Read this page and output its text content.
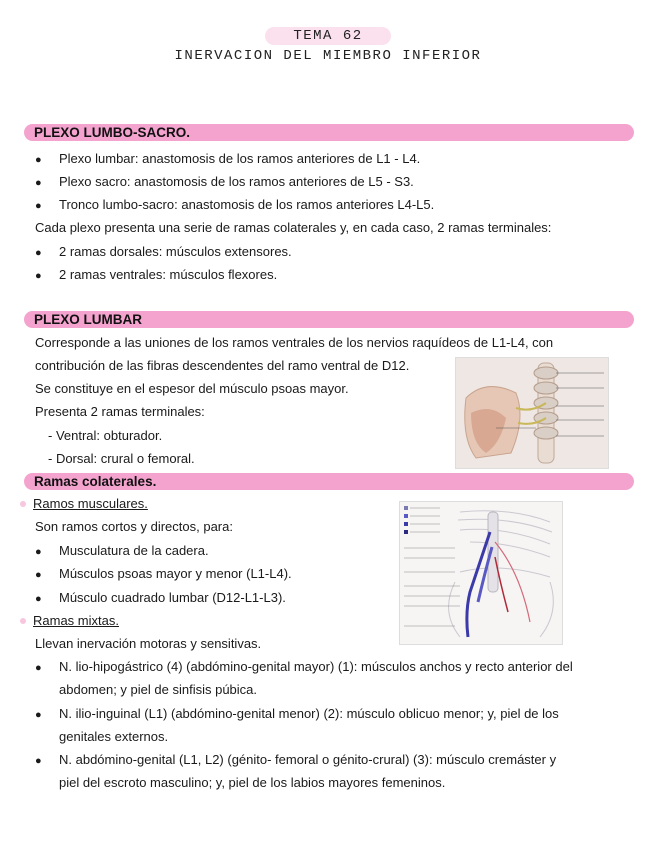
TEMA 62
INERVACION DEL MIEMBRO INFERIOR
PLEXO LUMBO-SACRO.
● Plexo lumbar: anastomosis de los ramos anteriores de L1 - L4.
● Plexo sacro: anastomosis de los ramos anteriores de L5 - S3.
● Tronco lumbo-sacro: anastomosis de los ramos anteriores L4-L5.
Cada plexo presenta una serie de ramas colaterales y, en cada caso, 2 ramas terminales:
● 2 ramas dorsales: músculos extensores.
● 2 ramas ventrales: músculos flexores.
PLEXO LUMBAR
Corresponde a las uniones de los ramos ventrales de los nervios raquídeos de L1-L4, con
contribución de las fibras descendentes del ramo ventral de D12.
Se constituye en el espesor del músculo psoas mayor.
Presenta 2 ramas terminales:
- Ventral: obturador.
- Dorsal: crural o femoral.
Ramas colaterales.
Ramos musculares.
Son ramos cortos y directos, para:
● Musculatura de la cadera.
● Músculos psoas mayor y menor (L1-L4).
● Músculo cuadrado lumbar (D12-L1-L3).
Ramas mixtas.
Llevan inervación motoras y sensitivas.
● N. lio-hipogástrico (4) (abdómino-genital mayor) (1): músculos anchos y recto anterior del
abdomen; y piel de sinfisis púbica.
● N. ilio-inguinal (L1) (abdómino-genital menor) (2): músculo oblicuo menor; y, piel de los
genitales externos.
● N. abdómino-genital (L1, L2) (génito- femoral o génito-crural) (3): músculo cremáster y
piel del escroto masculino; y, piel de los labios mayores femeninos.
